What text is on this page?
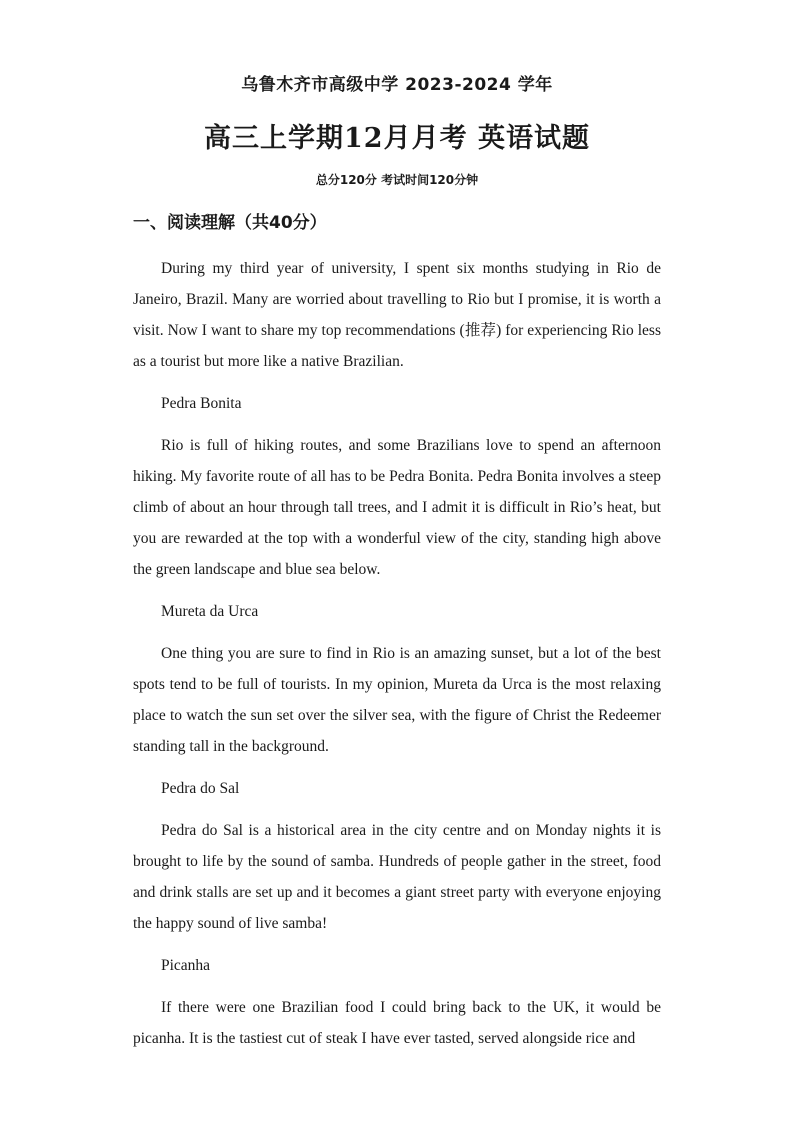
乌鲁木齐市高级中学 2023-2024 学年
高三上学期12月月考 英语试题
总分120分 考试时间120分钟
一、阅读理解（共40分）

During my third year of university, I spent six months studying in Rio de Janeiro, Brazil. Many are worried about travelling to Rio but I promise, it is worth a visit. Now I want to share my top recommendations (推荐) for experiencing Rio less as a tourist but more like a native Brazilian.

Pedra Bonita

Rio is full of hiking routes, and some Brazilians love to spend an afternoon hiking. My favorite route of all has to be Pedra Bonita. Pedra Bonita involves a steep climb of about an hour through tall trees, and I admit it is difficult in Rio’s heat, but you are rewarded at the top with a wonderful view of the city, standing high above the green landscape and blue sea below.

Mureta da Urca

One thing you are sure to find in Rio is an amazing sunset, but a lot of the best spots tend to be full of tourists. In my opinion, Mureta da Urca is the most relaxing place to watch the sun set over the silver sea, with the figure of Christ the Redeemer standing tall in the background.

Pedra do Sal

Pedra do Sal is a historical area in the city centre and on Monday nights it is brought to life by the sound of samba. Hundreds of people gather in the street, food and drink stalls are set up and it becomes a giant street party with everyone enjoying the happy sound of live samba!

Picanha

If there were one Brazilian food I could bring back to the UK, it would be picanha. It is the tastiest cut of steak I have ever tasted, served alongside rice and
